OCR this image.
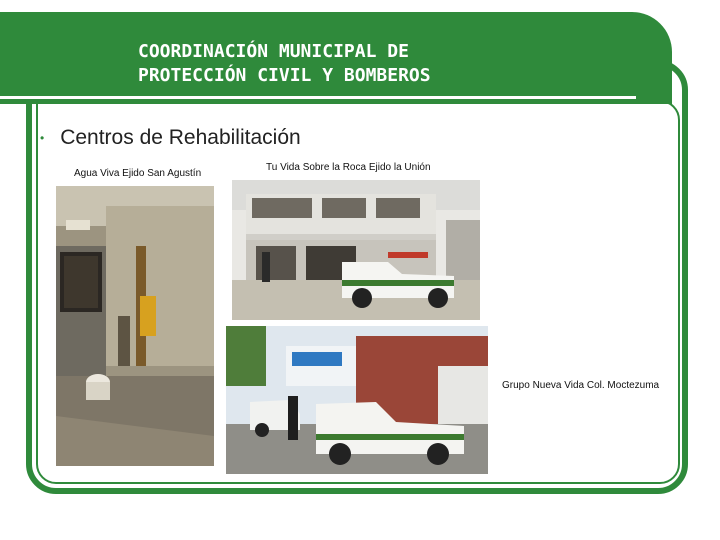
COORDINACIÓN MUNICIPAL DE
PROTECCIÓN CIVIL Y BOMBEROS
• Centros de Rehabilitación
Agua Viva Ejido San Agustín
Tu Vida Sobre la Roca Ejido la Unión
Grupo Nueva Vida Col. Moctezuma
